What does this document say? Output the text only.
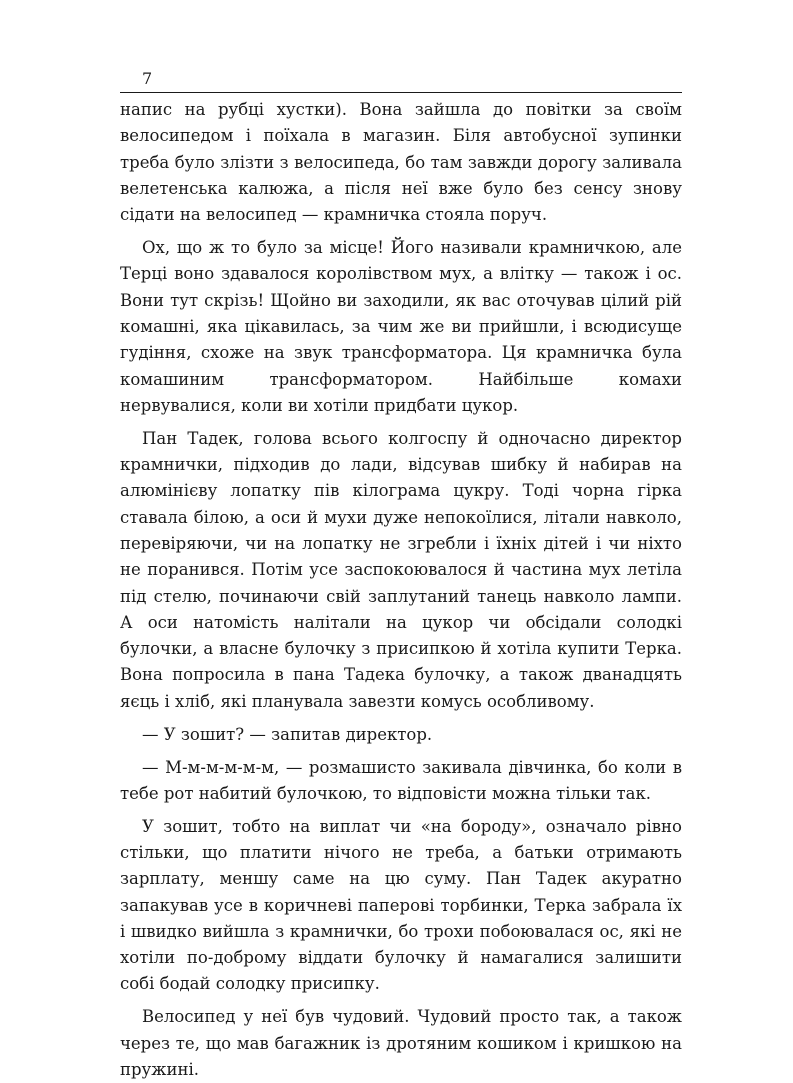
7

напис на рубці хустки). Вона зайшла до повітки за своїм велосипедом і поїхала в магазин. Біля автобусної зупинки треба було злізти з велосипеда, бо там завжди дорогу заливала велетенська калюжа, а після неї вже було без сенсу знову сідати на велосипед — крамничка стояла поруч.

Ох, що ж то було за місце! Його називали крамничкою, але Терці воно здавалося королівством мух, а влітку — також і ос. Вони тут скрізь! Щойно ви заходили, як вас оточував цілий рій комашні, яка цікавилась, за чим же ви прийшли, і всюдисуще гудіння, схоже на звук трансформатора. Ця крамничка була комашиним трансформатором. Найбільше комахи нервувалися, коли ви хотіли придбати цукор.

Пан Тадек, голова всього колгоспу й одночасно директор крамнички, підходив до лади, відсував шибку й набирав на алюмінієву лопатку пів кілограма цукру. Тоді чорна гірка ставала білою, а оси й мухи дуже непокоїлися, літали навколо, перевіряючи, чи на лопатку не згребли і їхніх дітей і чи ніхто не поранився. Потім усе заспокоювалося й частина мух летіла під стелю, починаючи свій заплутаний танець навколо лампи. А оси натомість налітали на цукор чи обсідали солодкі булочки, а власне булочку з присипкою й хотіла купити Терка. Вона попросила в пана Тадека булочку, а також дванадцять яєць і хліб, які планувала завезти комусь особливому.

— У зошит? — запитав директор.

— М-м-м-м-м-м, — розмашисто закивала дівчинка, бо коли в тебе рот набитий булочкою, то відповісти можна тільки так.

У зошит, тобто на виплат чи «на бороду», означало рівно стільки, що платити нічого не треба, а батьки отримають зарплату, меншу саме на цю суму. Пан Тадек акуратно запакував усе в коричневі паперові торбинки, Терка забрала їх і швидко вийшла з крамнички, бо трохи побоювалася ос, які не хотіли по-доброму віддати булочку й намагалися залишити собі бодай солодку присипку.

Велосипед у неї був чудовий. Чудовий просто так, а також через те, що мав багажник із дротяним кошиком і кришкою на пружині.
